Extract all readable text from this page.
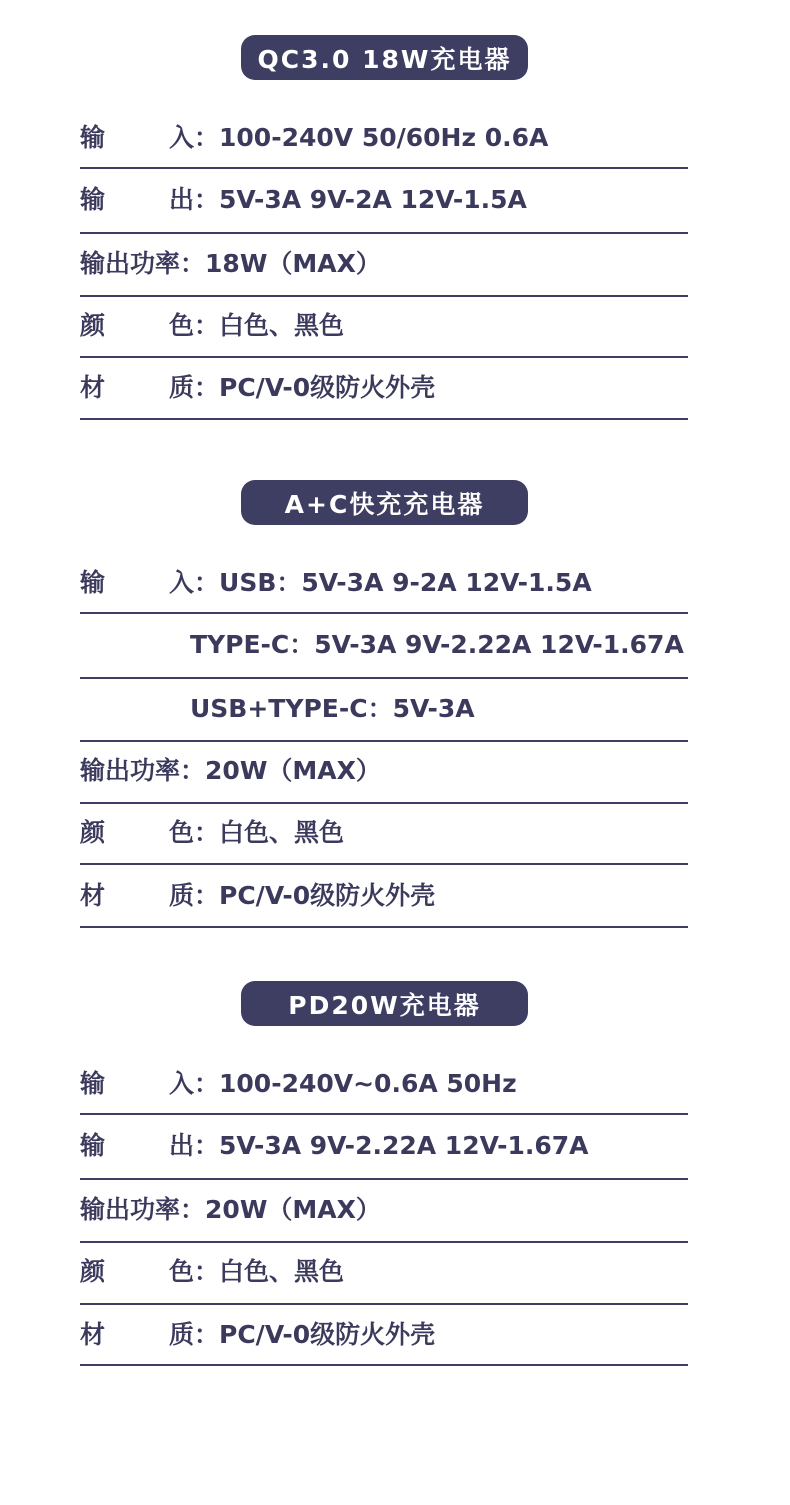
QC3.0 18W充电器
输	入 ：100-240V 50/60Hz 0.6A
输	出 ：5V-3A 9V-2A 12V-1.5A
输出功率：18W（MAX）
颜	色 ：白色、黑色
材	质 ：PC/V-0级防火外壳
A+C快充充电器
输	入 ：USB：5V-3A 9-2A 12V-1.5A
TYPE-C：5V-3A 9V-2.22A 12V-1.67A
USB+TYPE-C：5V-3A
输出功率：20W（MAX）
颜	色 ：白色、黑色
材	质 ：PC/V-0级防火外壳
PD20W充电器
输	入 ：100-240V~0.6A 50Hz
输	出 ：5V-3A 9V-2.22A 12V-1.67A
输出功率：20W（MAX）
颜	色 ：白色、黑色
材	质 ：PC/V-0级防火外壳
